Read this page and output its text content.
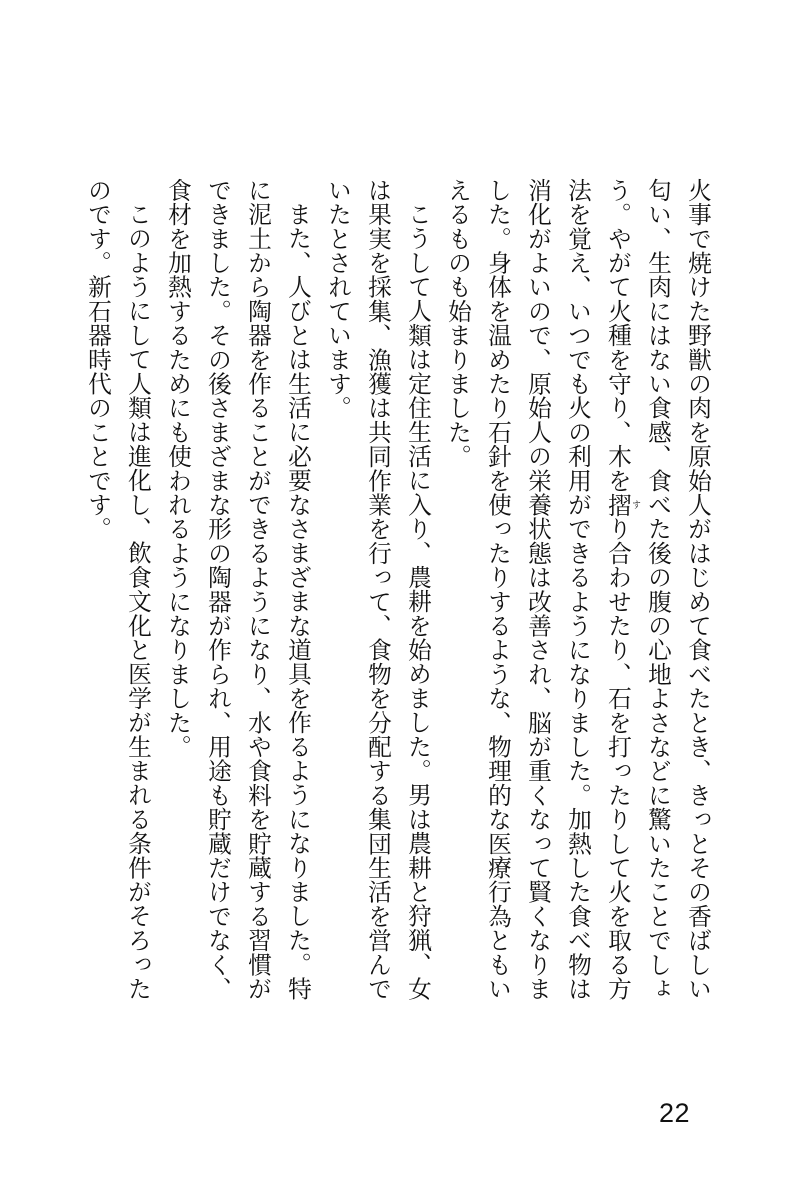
火事で焼けた野獣の肉を原始人がはじめて食べたとき、きっとその香ばしい匂い、生肉にはない食感、食べた後の腹の心地よさなどに驚いたことでしょう。やがて火種を守り、木を摺すり合わせたり、石を打ったりして火を取る方法を覚え、いつでも火の利用ができるようになりました。加熱した食べ物は消化がよいので、原始人の栄養状態は改善され、脳が重くなって賢くなりました。身体を温めたり石針を使ったりするような、物理的な医療行為ともいえるものも始まりました。

こうして人類は定住生活に入り、農耕を始めました。男は農耕と狩猟、女は果実を採集、漁獲は共同作業を行って、食物を分配する集団生活を営んでいたとされています。

また、人びとは生活に必要なさまざまな道具を作るようになりました。特に泥土から陶器を作ることができるようになり、水や食料を貯蔵する習慣ができました。その後さまざまな形の陶器が作られ、用途も貯蔵だけでなく、食材を加熱するためにも使われるようになりました。

このようにして人類は進化し、飲食文化と医学が生まれる条件がそろったのです。新石器時代のことです。

22
